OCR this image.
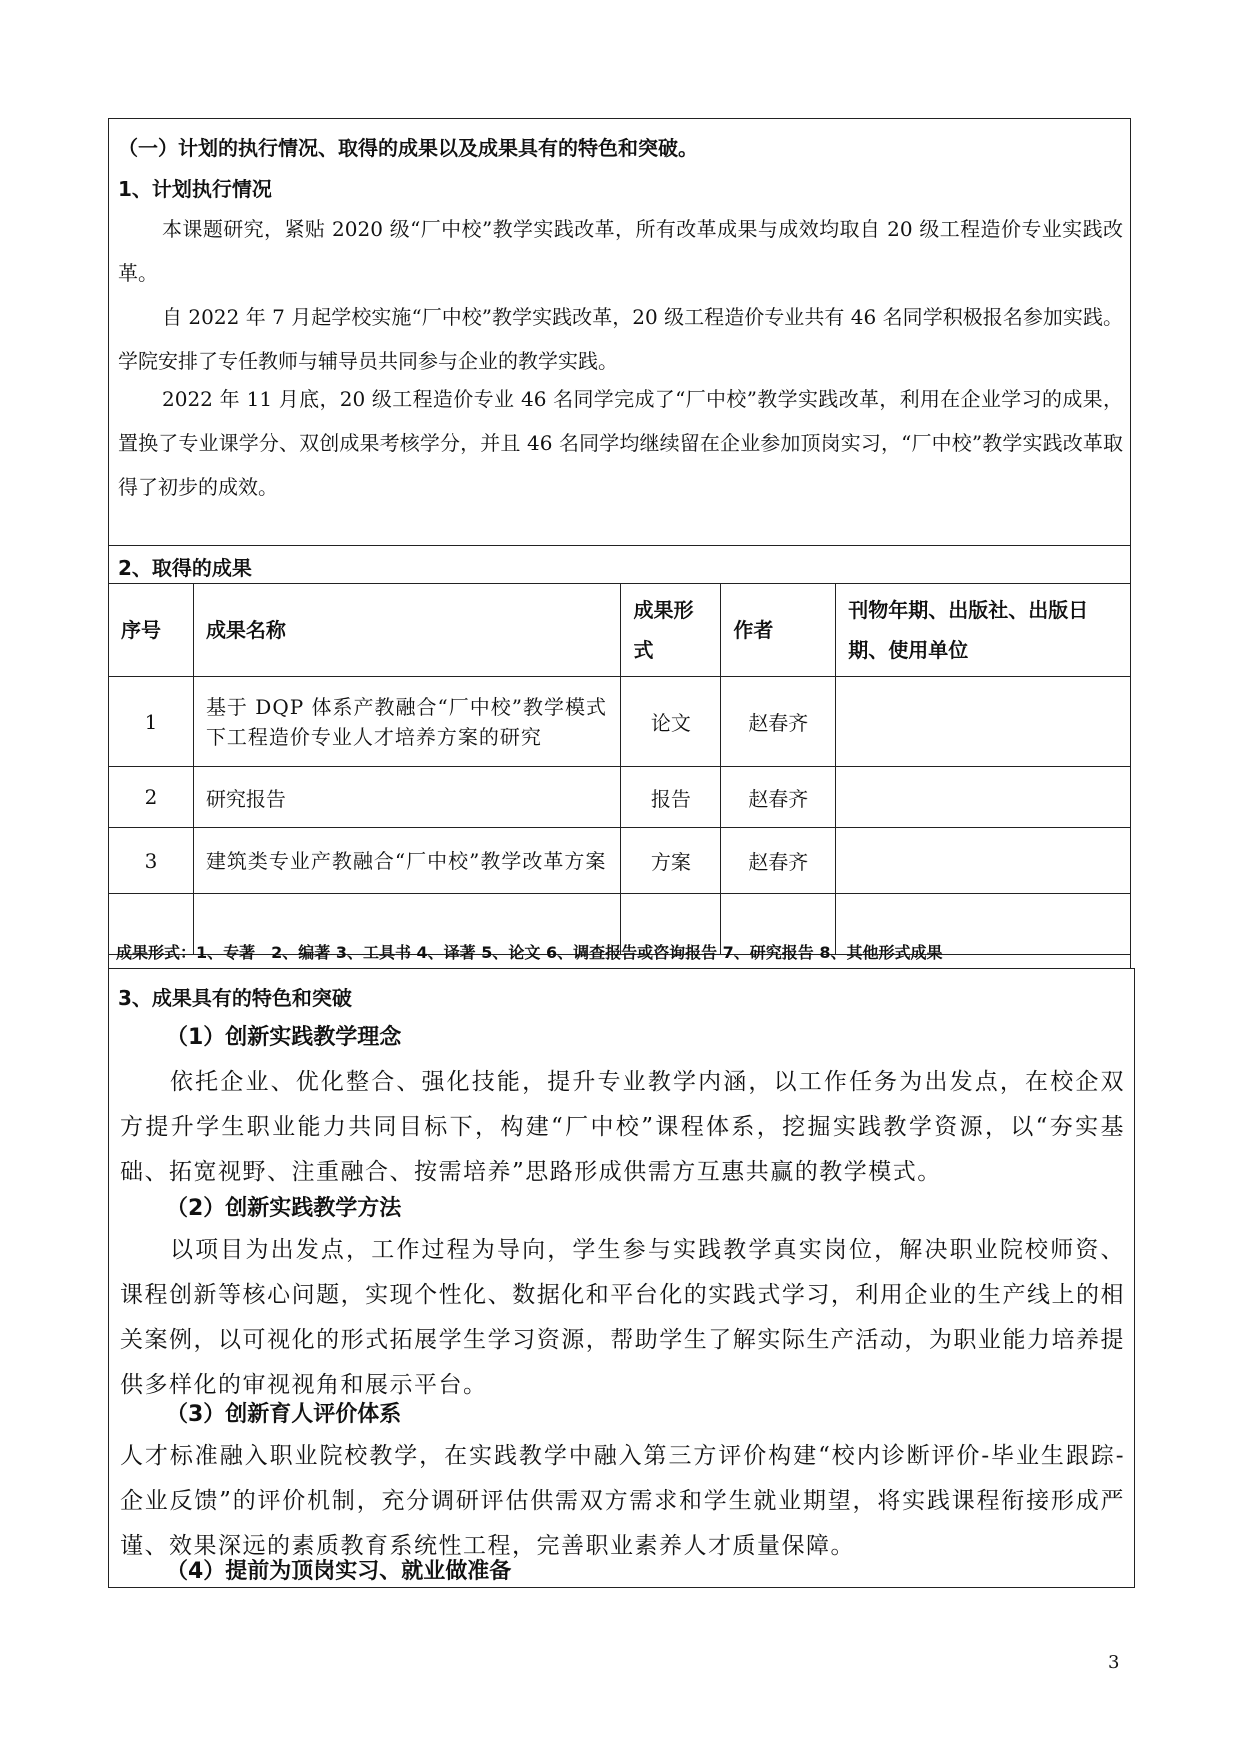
（一）计划的执行情况、取得的成果以及成果具有的特色和突破。
1、计划执行情况
本课题研究，紧贴 2020 级“厂中校”教学实践改革，所有改革成果与成效均取自 20 级工程造价专业实践改革。
自 2022 年 7 月起学校实施“厂中校”教学实践改革，20 级工程造价专业共有 46 名同学积极报名参加实践。学院安排了专任教师与辅导员共同参与企业的教学实践。
2022 年 11 月底，20 级工程造价专业 46 名同学完成了“厂中校”教学实践改革，利用在企业学习的成果，置换了专业课学分、双创成果考核学分，并且 46 名同学均继续留在企业参加顶岗实习，“厂中校”教学实践改革取得了初步的成效。
2、取得的成果
序号	成果名称	成果形式	作者	刊物年期、出版社、出版日期、使用单位
1	基于 DQP 体系产教融合“厂中校”教学模式下工程造价专业人才培养方案的研究	论文	赵春齐	
2	研究报告	报告	赵春齐	
3	建筑类专业产教融合“厂中校”教学改革方案	方案	赵春齐	

成果形式：1、专著　2、编著 3、工具书 4、译著 5、论文 6、调查报告或咨询报告 7、研究报告 8、其他形式成果
3、成果具有的特色和突破
（1）创新实践教学理念
依托企业、优化整合、强化技能，提升专业教学内涵，以工作任务为出发点，在校企双方提升学生职业能力共同目标下，构建“厂中校”课程体系，挖掘实践教学资源，以“夯实基础、拓宽视野、注重融合、按需培养”思路形成供需方互惠共赢的教学模式。
（2）创新实践教学方法
以项目为出发点，工作过程为导向，学生参与实践教学真实岗位，解决职业院校师资、课程创新等核心问题，实现个性化、数据化和平台化的实践式学习，利用企业的生产线上的相关案例，以可视化的形式拓展学生学习资源，帮助学生了解实际生产活动，为职业能力培养提供多样化的审视视角和展示平台。
（3）创新育人评价体系
人才标准融入职业院校教学，在实践教学中融入第三方评价构建“校内诊断评价-毕业生跟踪-企业反馈”的评价机制，充分调研评估供需双方需求和学生就业期望，将实践课程衔接形成严谨、效果深远的素质教育系统性工程，完善职业素养人才质量保障。
（4）提前为顶岗实习、就业做准备
3
